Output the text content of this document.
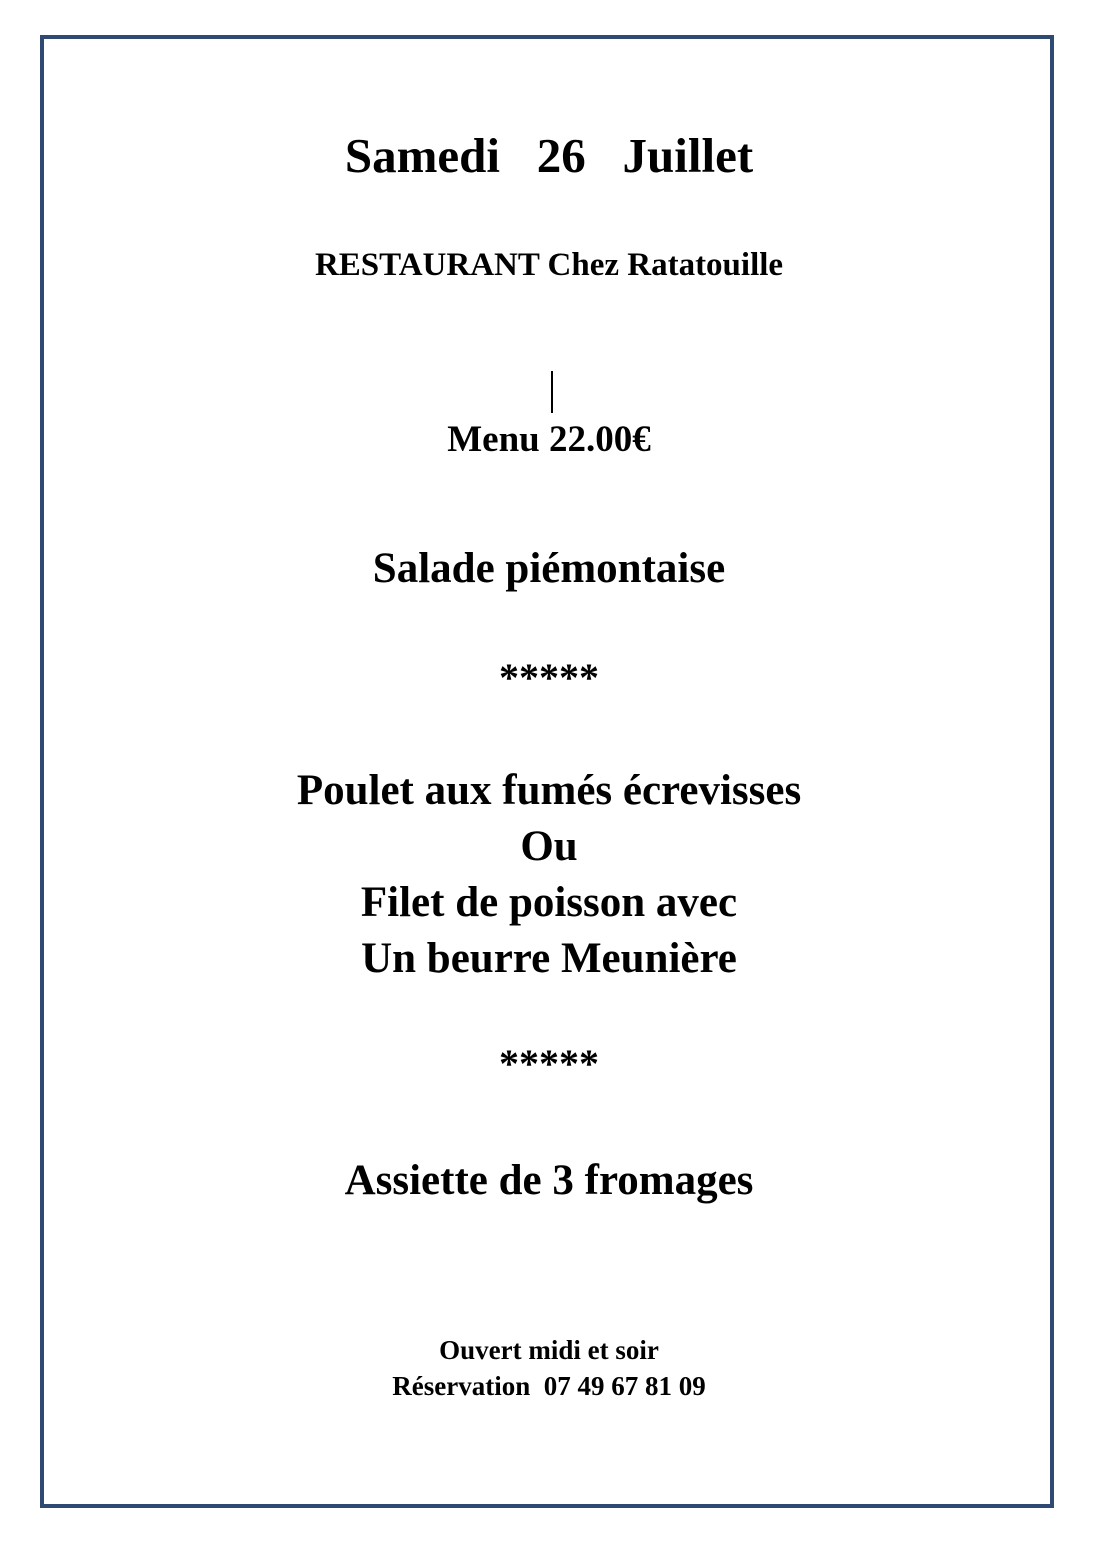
Samedi   26   Juillet
RESTAURANT Chez Ratatouille
Menu 22.00€
Salade piémontaise
*****
Poulet aux fumés écrevisses
Ou
Filet de poisson avec
Un beurre Meunière
*****
Assiette de 3 fromages
Ouvert midi et soir
Réservation  07 49 67 81 09
